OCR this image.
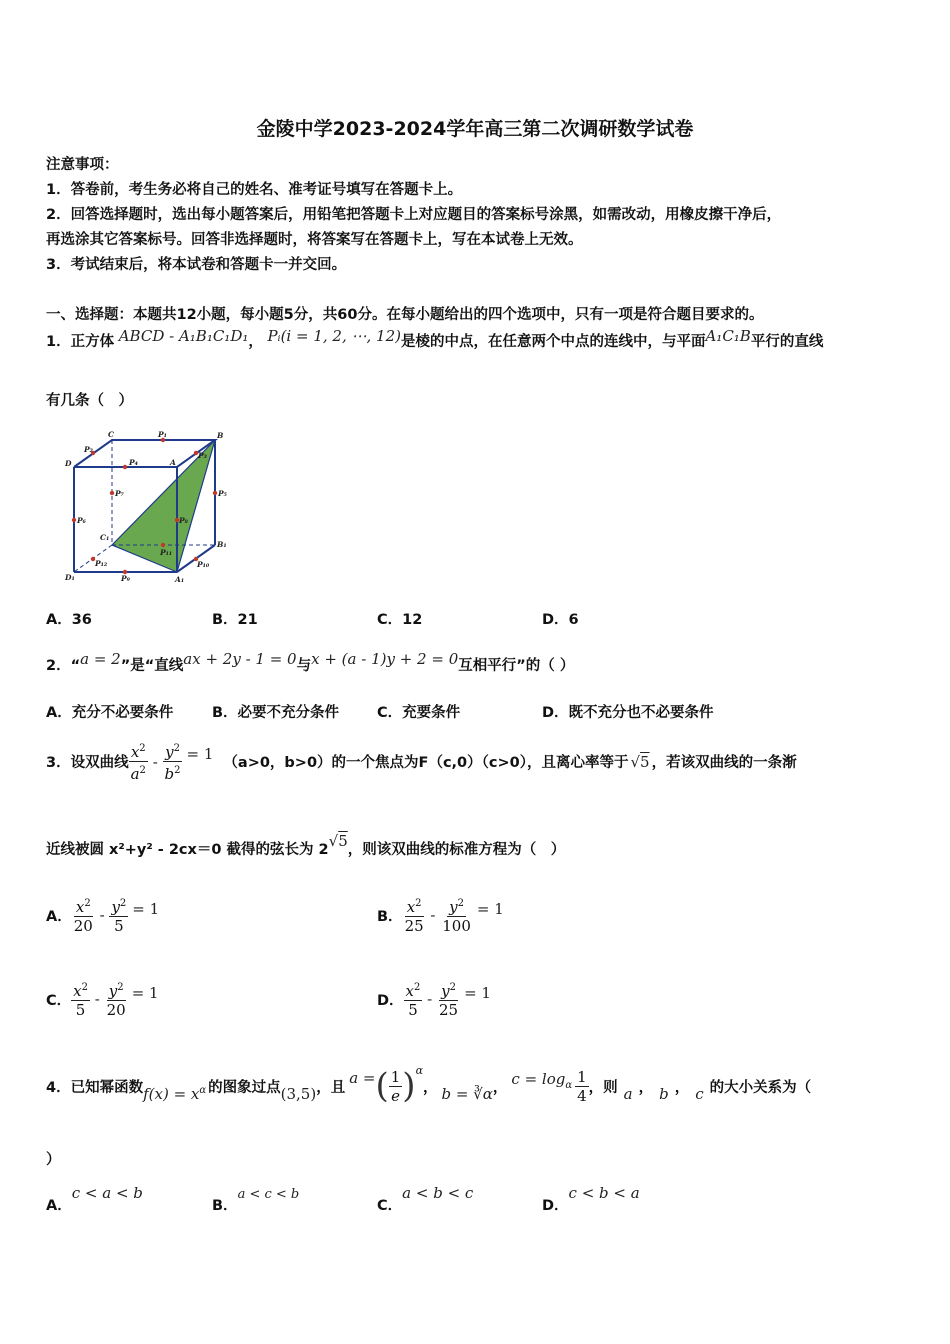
金陵中学2023-2024学年高三第二次调研数学试卷
注意事项：
1．答卷前，考生务必将自己的姓名、准考证号填写在答题卡上。
2．回答选择题时，选出每小题答案后，用铅笔把答题卡上对应题目的答案标号涂黑，如需改动，用橡皮擦干净后，
再选涂其它答案标号。回答非选择题时，将答案写在答题卡上，写在本试卷上无效。
3．考试结束后，将本试卷和答题卡一并交回。
一、选择题：本题共12小题，每小题5分，共60分。在每小题给出的四个选项中，只有一项是符合题目要求的。
1．正方体 ABCD - A₁B₁C₁D₁， Pᵢ(i = 1, 2, ⋯, 12)是棱的中点，在任意两个中点的连线中，与平面A₁C₁B平行的直线
有几条（　）
C	P₁	B
P₂
P₃
D	P₄	A
P₅
P₇
P₆	P₈
C₁
P₁₁
B₁
P₁₂	P₁₀
D₁	P₉	A₁
A．36	B．21	C．12	D．6
2．“a = 2”是“直线ax + 2y - 1 = 0与x + (a - 1)y + 2 = 0互相平行”的（ ）
A．充分不必要条件	B．必要不充分条件	C．充要条件	D．既不充分也不必要条件
3．设双曲线 $\frac{x^2}{a^2} - \frac{y^2}{b^2} = 1$
（a>0，b>0）的一个焦点为F（c,0）（c>0），且离心率等于 √5 ，若该双曲线的一条渐
近线被圆 x²+y² - 2cx＝0 截得的弦长为 2
√5
，则该双曲线的标准方程为（　）
A． $\frac{x^2}{20} - \frac{y^2}{5} = 1$	B． $\frac{x^2}{25} - \frac{y^2}{100} = 1$
C． $\frac{x^2}{5} - \frac{y^2}{20} = 1$	D． $\frac{x^2}{5} - \frac{y^2}{25} = 1$
4．已知幂函数 $f(x) = x^\alpha$ 的图象过点 (3,5) ，且
a = ( $\frac{1}{e}$ ) α
， b = ∛α ， $c = \log_\alpha \frac{1}{4}$ ，则 a ， b ， c 的大小关系为（
）
A．c < a < b
B．a < c < b
C．a < b < c
D．c < b < a
